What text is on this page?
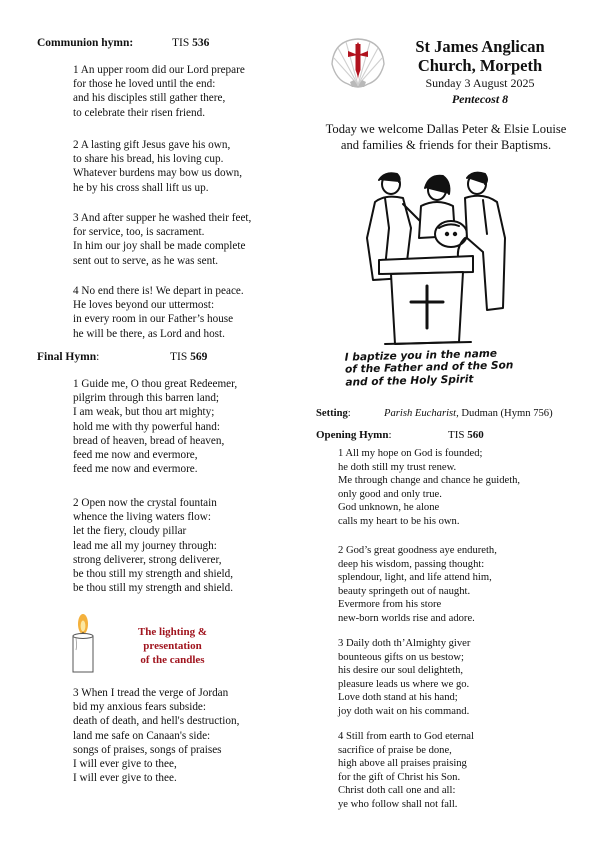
Communion hymn:	TIS 536
1 An upper room did our Lord prepare
for those he loved until the end:
and his disciples still gather there,
to celebrate their risen friend.
2 A lasting gift Jesus gave his own,
to share his bread, his loving cup.
Whatever burdens may bow us down,
he by his cross shall lift us up.
3 And after supper he washed their feet,
for service, too, is sacrament.
In him our joy shall be made complete
sent out to serve, as he was sent.
4 No end there is! We depart in peace.
He loves beyond our uttermost:
in every room in our Father’s house
he will be there, as Lord and host.
Final Hymn:	TIS 569
1 Guide me, O thou great Redeemer,
pilgrim through this barren land;
I am weak, but thou art mighty;
hold me with thy powerful hand:
bread of heaven, bread of heaven,
feed me now and evermore,
feed me now and evermore.
2 Open now the crystal fountain
whence the living waters flow:
let the fiery, cloudy pillar
lead me all my journey through:
strong deliverer, strong deliverer,
be thou still my strength and shield,
be thou still my strength and shield.
The lighting &
presentation
of the candles
3 When I tread the verge of Jordan
bid my anxious fears subside:
death of death, and hell's destruction,
land me safe on Canaan's side:
songs of praises, songs of praises
I will ever give to thee,
I will ever give to thee.
St James Anglican
Church, Morpeth
Sunday 3 August 2025
Pentecost 8
Today we welcome Dallas Peter & Elsie Louise
and families & friends for their Baptisms.
I baptize you in the name
of the Father and of the Son
and of the Holy Spirit
Setting:	Parish Eucharist, Dudman (Hymn 756)
Opening Hymn:	TIS 560
1 All my hope on God is founded;
he doth still my trust renew.
Me through change and chance he guideth,
only good and only true.
God unknown, he alone
calls my heart to be his own.
2 God’s great goodness aye endureth,
deep his wisdom, passing thought:
splendour, light, and life attend him,
beauty springeth out of naught.
Evermore from his store
new-born worlds rise and adore.
3 Daily doth th’Almighty giver
bounteous gifts on us bestow;
his desire our soul delighteth,
pleasure leads us where we go.
Love doth stand at his hand;
joy doth wait on his command.
4 Still from earth to God eternal
sacrifice of praise be done,
high above all praises praising
for the gift of Christ his Son.
Christ doth call one and all:
ye who follow shall not fall.
